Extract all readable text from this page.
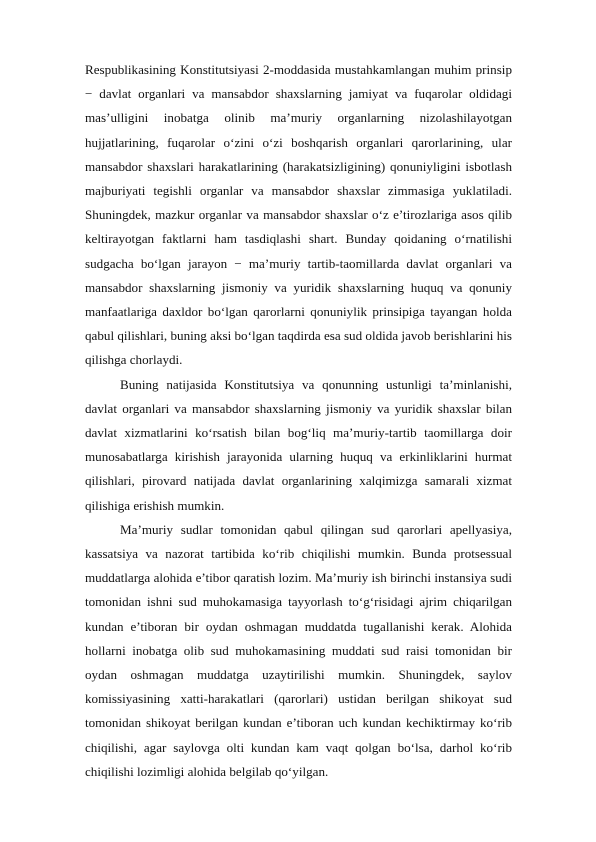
Respublikasining Konstitutsiyasi 2-moddasida mustahkamlangan muhim prinsip − davlat organlari va mansabdor shaxslarning jamiyat va fuqarolar oldidagi mas’ulligini inobatga olinib ma’muriy organlarning nizolashilayotgan hujjatlarining, fuqarolar o‘zini o‘zi boshqarish organlari qarorlarining, ular mansabdor shaxslari harakatlarining (harakatsizligining) qonuniyligini isbotlash majburiyati tegishli organlar va mansabdor shaxslar zimmasiga yuklatiladi. Shuningdek, mazkur organlar va mansabdor shaxslar o‘z e’tirozlariga asos qilib keltirayotgan faktlarni ham tasdiqlashi shart. Bunday qoidaning o‘rnatilishi sudgacha bo‘lgan jarayon − ma’muriy tartib-taomillarda davlat organlari va mansabdor shaxslarning jismoniy va yuridik shaxslarning huquq va qonuniy manfaatlariga daxldor bo‘lgan qarorlarni qonuniylik prinsipiga tayangan holda qabul qilishlari, buning aksi bo‘lgan taqdirda esa sud oldida javob berishlarini his qilishga chorlaydi.

Buning natijasida Konstitutsiya va qonunning ustunligi ta’minlanishi, davlat organlari va mansabdor shaxslarning jismoniy va yuridik shaxslar bilan davlat xizmatlarini ko‘rsatish bilan bog‘liq ma’muriy-tartib taomillarga doir munosabatlarga kirishish jarayonida ularning huquq va erkinliklarini hurmat qilishlari, pirovard natijada davlat organlarining xalqimizga samarali xizmat qilishiga erishish mumkin.

Ma’muriy sudlar tomonidan qabul qilingan sud qarorlari apellyasiya, kassatsiya va nazorat tartibida ko‘rib chiqilishi mumkin. Bunda protsessual muddatlarga alohida e’tibor qaratish lozim. Ma’muriy ish birinchi instansiya sudi tomonidan ishni sud muhokamasiga tayyorlash to‘g‘risidagi ajrim chiqarilgan kundan e’tiboran bir oydan oshmagan muddatda tugallanishi kerak. Alohida hollarni inobatga olib sud muhokamasining muddati sud raisi tomonidan bir oydan oshmagan muddatga uzaytirilishi mumkin. Shuningdek, saylov komissiyasining xatti-harakatlari (qarorlari) ustidan berilgan shikoyat sud tomonidan shikoyat berilgan kundan e’tiboran uch kundan kechiktirmay ko‘rib chiqilishi, agar saylovga olti kundan kam vaqt qolgan bo‘lsa, darhol ko‘rib chiqilishi lozimligi alohida belgilab qo‘yilgan.
